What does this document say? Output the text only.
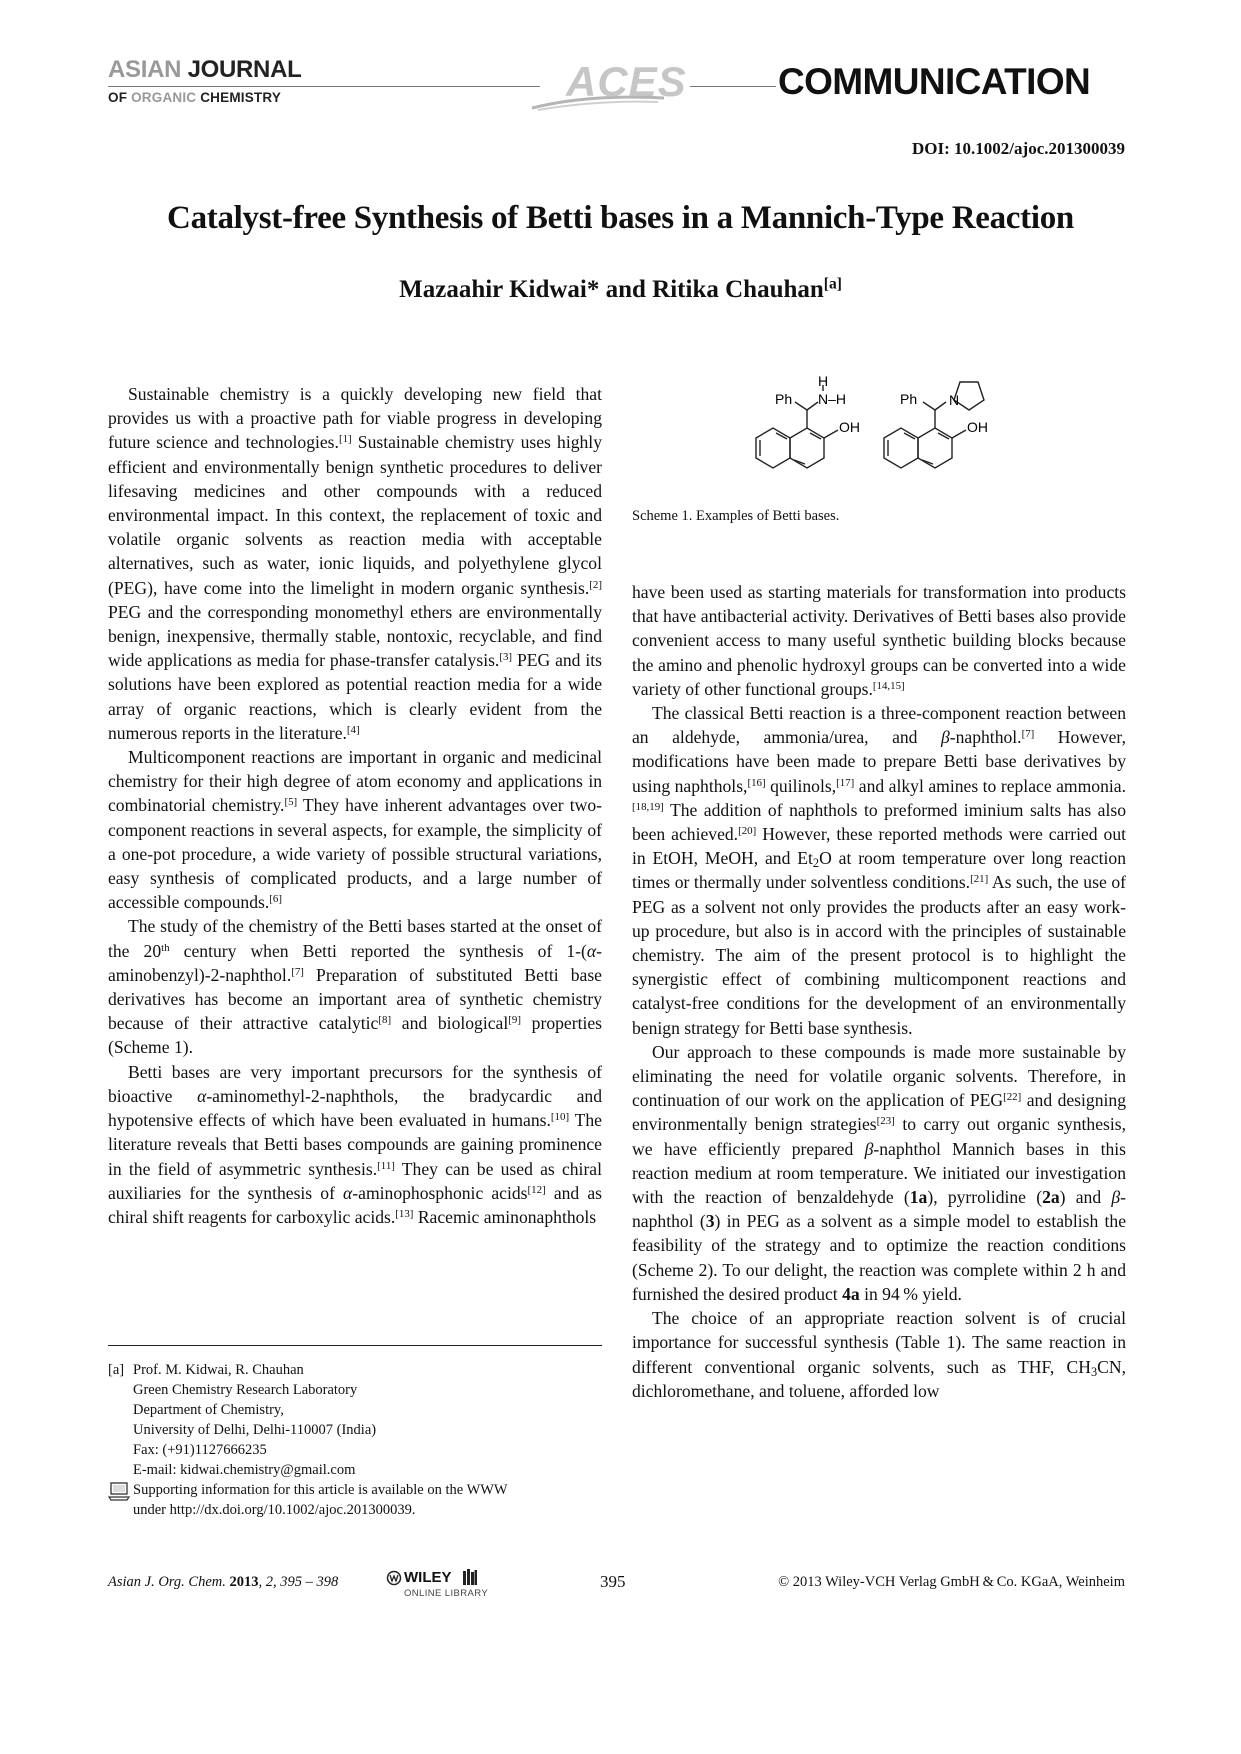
ASIAN JOURNAL
OF ORGANIC CHEMISTRY	ACES COMMUNICATION
DOI: 10.1002/ajoc.201300039
Catalyst-free Synthesis of Betti bases in a Mannich-Type Reaction
Mazaahir Kidwai* and Ritika Chauhan[a]

Sustainable chemistry is a quickly developing new field that provides us with a proactive path for viable progress in developing future science and technologies.[1] Sustainable chemistry uses highly efficient and environmentally benign synthetic procedures to deliver lifesaving medicines and other compounds with a reduced environmental impact. In this context, the replacement of toxic and volatile organic solvents as reaction media with acceptable alternatives, such as water, ionic liquids, and polyethylene glycol (PEG), have come into the limelight in modern organic synthesis.[2] PEG and the corresponding monomethyl ethers are environmentally benign, inexpensive, thermally stable, nontoxic, recyclable, and find wide applications as media for phase-transfer catalysis.[3] PEG and its solutions have been explored as potential reaction media for a wide array of organic reactions, which is clearly evident from the numerous reports in the literature.[4]

Multicomponent reactions are important in organic and medicinal chemistry for their high degree of atom economy and applications in combinatorial chemistry.[5] They have inherent advantages over two-component reactions in several aspects, for example, the simplicity of a one-pot procedure, a wide variety of possible structural variations, easy synthesis of complicated products, and a large number of accessible compounds.[6]

The study of the chemistry of the Betti bases started at the onset of the 20th century when Betti reported the synthesis of 1-(α-aminobenzyl)-2-naphthol.[7] Preparation of substituted Betti base derivatives has become an important area of synthetic chemistry because of their attractive catalytic[8] and biological[9] properties (Scheme 1).

Betti bases are very important precursors for the synthesis of bioactive α-aminomethyl-2-naphthols, the bradycardic and hypotensive effects of which have been evaluated in humans.[10] The literature reveals that Betti bases compounds are gaining prominence in the field of asymmetric synthesis.[11] They can be used as chiral auxiliaries for the synthesis of α-aminophosphonic acids[12] and as chiral shift reagents for carboxylic acids.[13] Racemic aminonaphthols

[a] Prof. M. Kidwai, R. Chauhan
Green Chemistry Research Laboratory
Department of Chemistry,
University of Delhi, Delhi-110007 (India)
Fax: (+91)1127666235
E-mail: kidwai.chemistry@gmail.com
Supporting information for this article is available on the WWW
under http://dx.doi.org/10.1002/ajoc.201300039.
Ph
H
N–H
OH
Ph N
OH
Scheme 1. Examples of Betti bases.

have been used as starting materials for transformation into products that have antibacterial activity. Derivatives of Betti bases also provide convenient access to many useful synthetic building blocks because the amino and phenolic hydroxyl groups can be converted into a wide variety of other functional groups.[14,15]

The classical Betti reaction is a three-component reaction between an aldehyde, ammonia/urea, and β-naphthol.[7] However, modifications have been made to prepare Betti base derivatives by using naphthols,[16] quilinols,[17] and alkyl amines to replace ammonia.[18,19] The addition of naphthols to preformed iminium salts has also been achieved.[20] However, these reported methods were carried out in EtOH, MeOH, and $Et_2O$ at room temperature over long reaction times or thermally under solventless conditions.[21] As such, the use of PEG as a solvent not only provides the products after an easy work-up procedure, but also is in accord with the principles of sustainable chemistry. The aim of the present protocol is to highlight the synergistic effect of combining multicomponent reactions and catalyst-free conditions for the development of an environmentally benign strategy for Betti base synthesis.

Our approach to these compounds is made more sustainable by eliminating the need for volatile organic solvents. Therefore, in continuation of our work on the application of PEG[22] and designing environmentally benign strategies[23] to carry out organic synthesis, we have efficiently prepared β-naphthol Mannich bases in this reaction medium at room temperature. We initiated our investigation with the reaction of benzaldehyde (1a), pyrrolidine (2a) and β-naphthol (3) in PEG as a solvent as a simple model to establish the feasibility of the strategy and to optimize the reaction conditions (Scheme 2). To our delight, the reaction was complete within 2 h and furnished the desired product 4a in 94 % yield.

The choice of an appropriate reaction solvent is of crucial importance for successful synthesis (Table 1). The same reaction in different conventional organic solvents, such as THF, $CH_3CN$, dichloromethane, and toluene, afforded low

Asian J. Org. Chem. 2013, 2, 395 – 398	WILEY
ONLINE LIBRARY
395	© 2013 Wiley-VCH Verlag GmbH & Co. KGaA, Weinheim
